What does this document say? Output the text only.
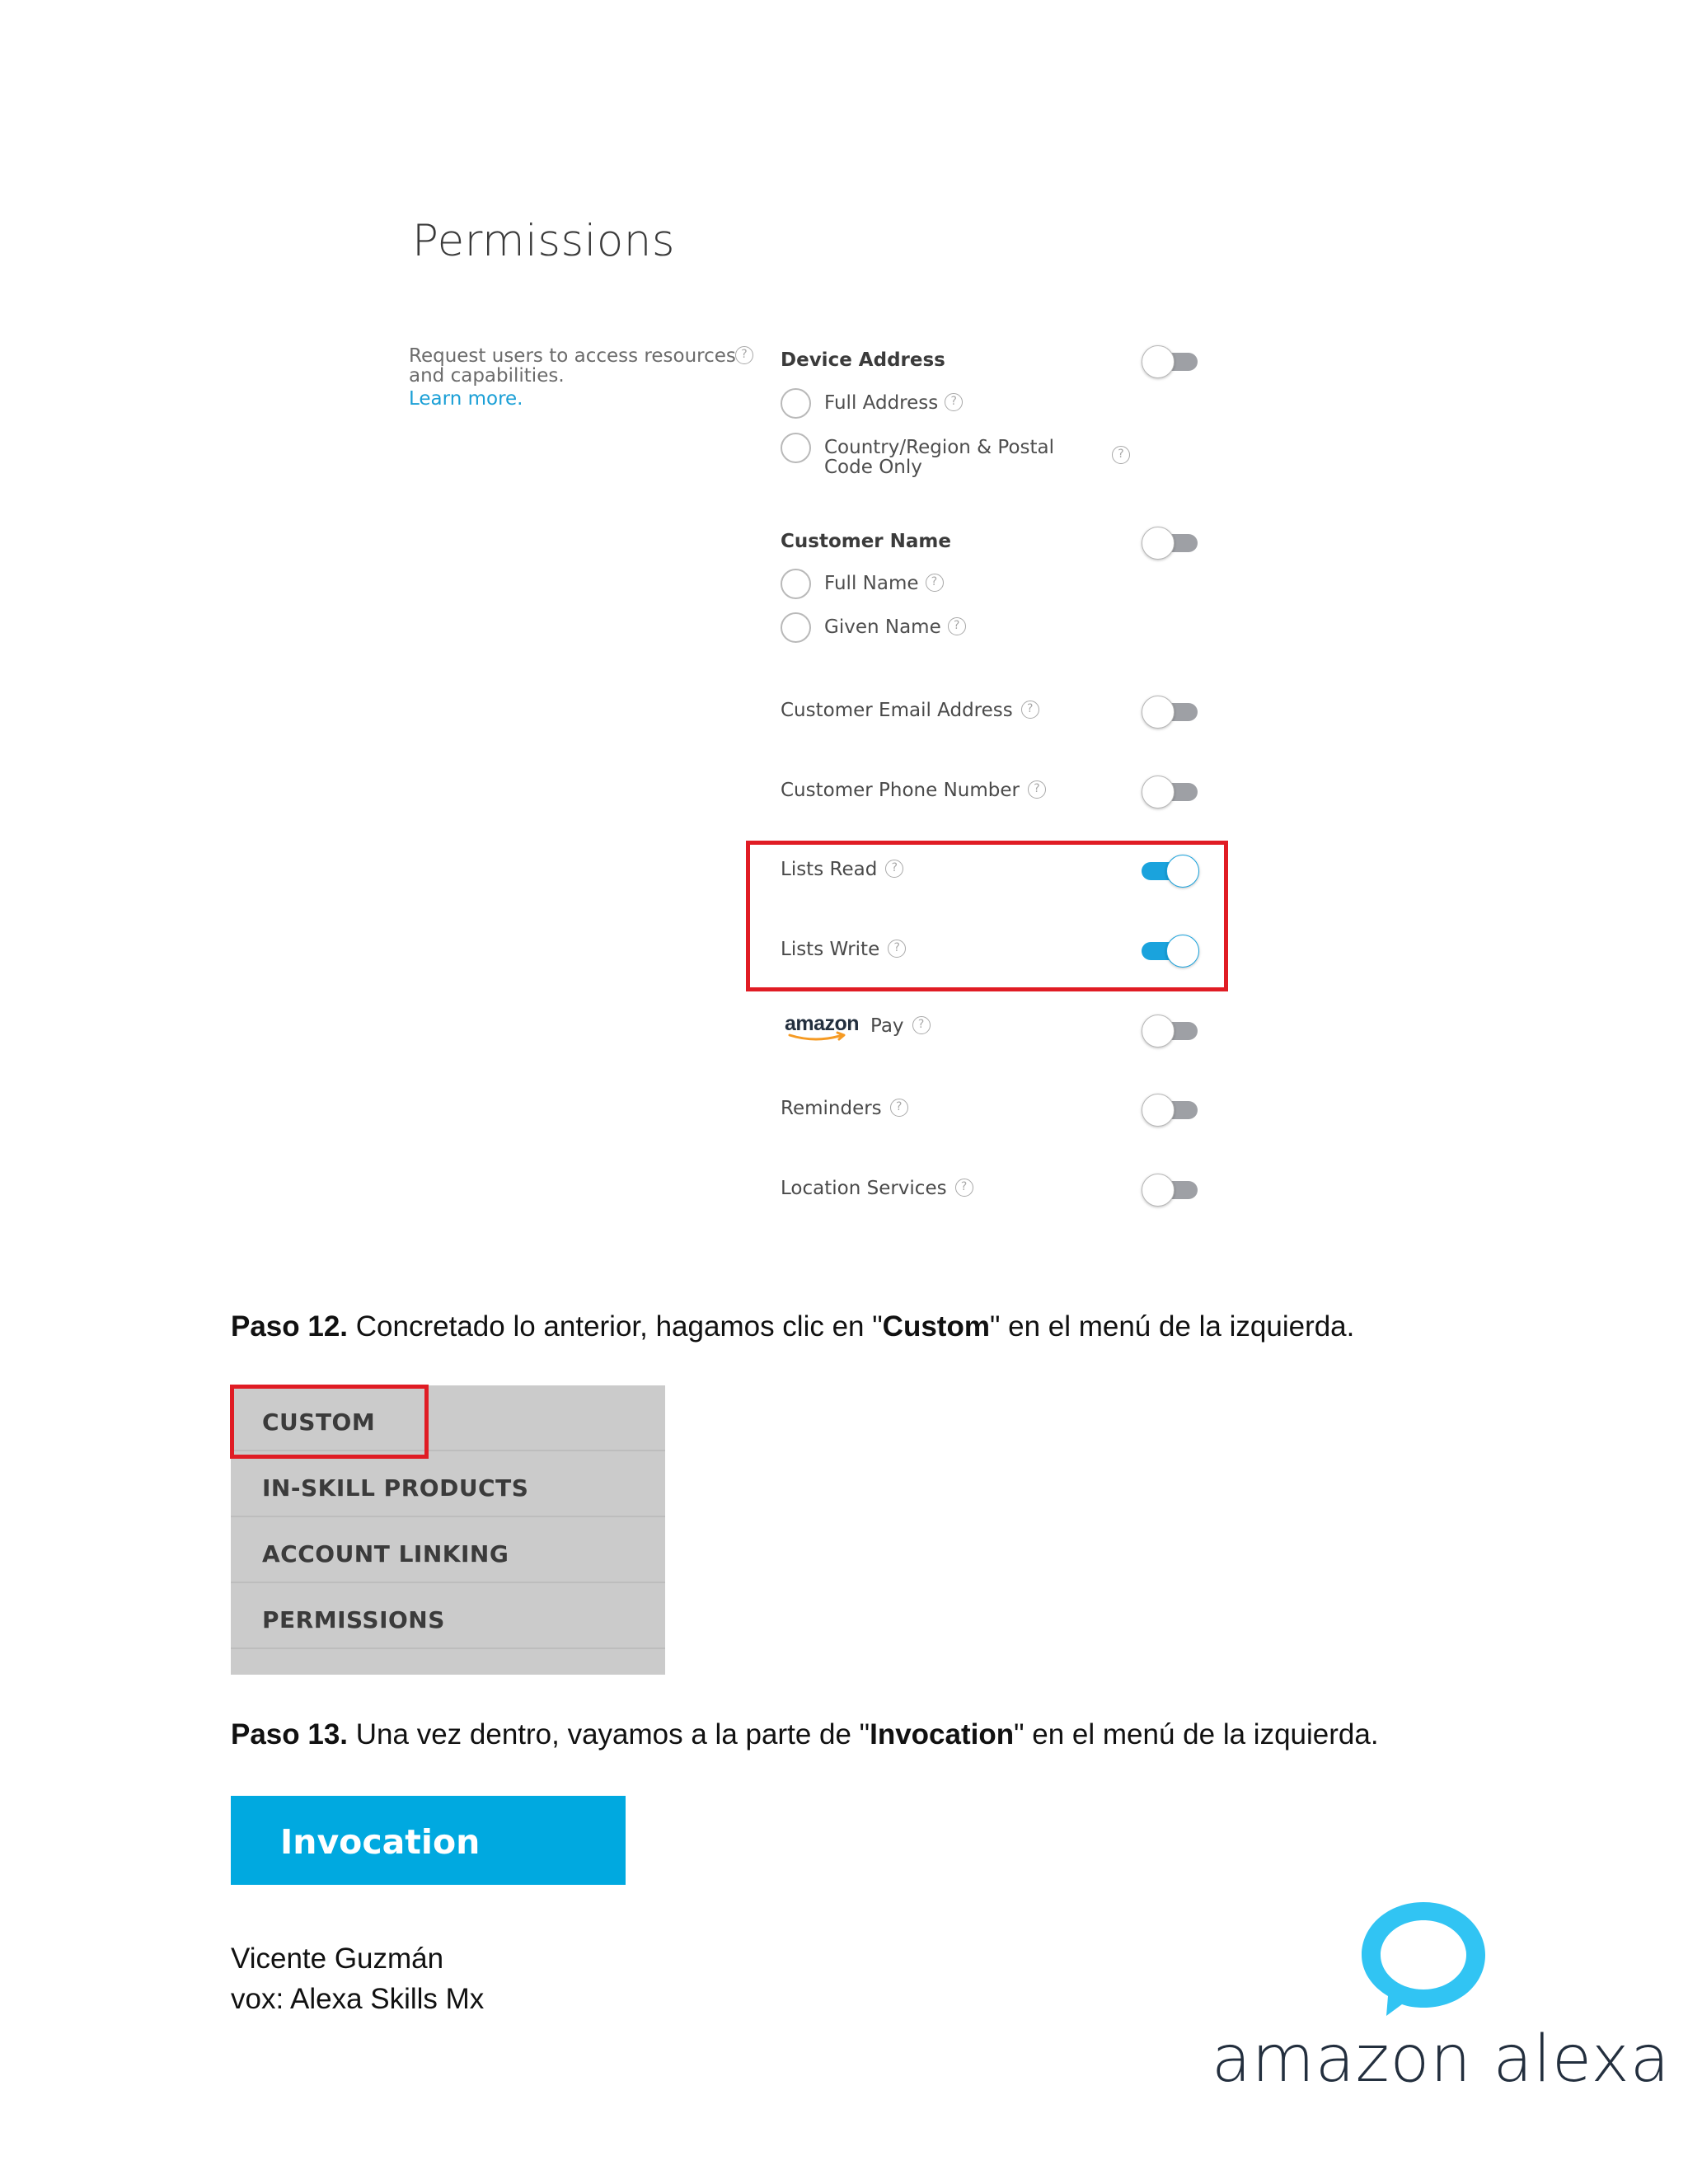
Permissions
Request users to access resources and capabilities.
Learn more.
?	Device Address
Full Address ?
Country/Region & Postal Code Only
?
Customer Name
Full Name ?
Given Name ?
Customer Email Address ?
Customer Phone Number ?
Lists Read ?
Lists Write ?
amazon Pay ?
Reminders ?
Location Services ?

Paso 12. Concretado lo anterior, hagamos clic en "Custom" en el menú de la izquierda.

CUSTOM
IN-SKILL PRODUCTS
ACCOUNT LINKING
PERMISSIONS

Paso 13. Una vez dentro, vayamos a la parte de "Invocation" en el menú de la izquierda.

Invocation
Vicente Guzmán
vox: Alexa Skills Mx
amazon alexa
